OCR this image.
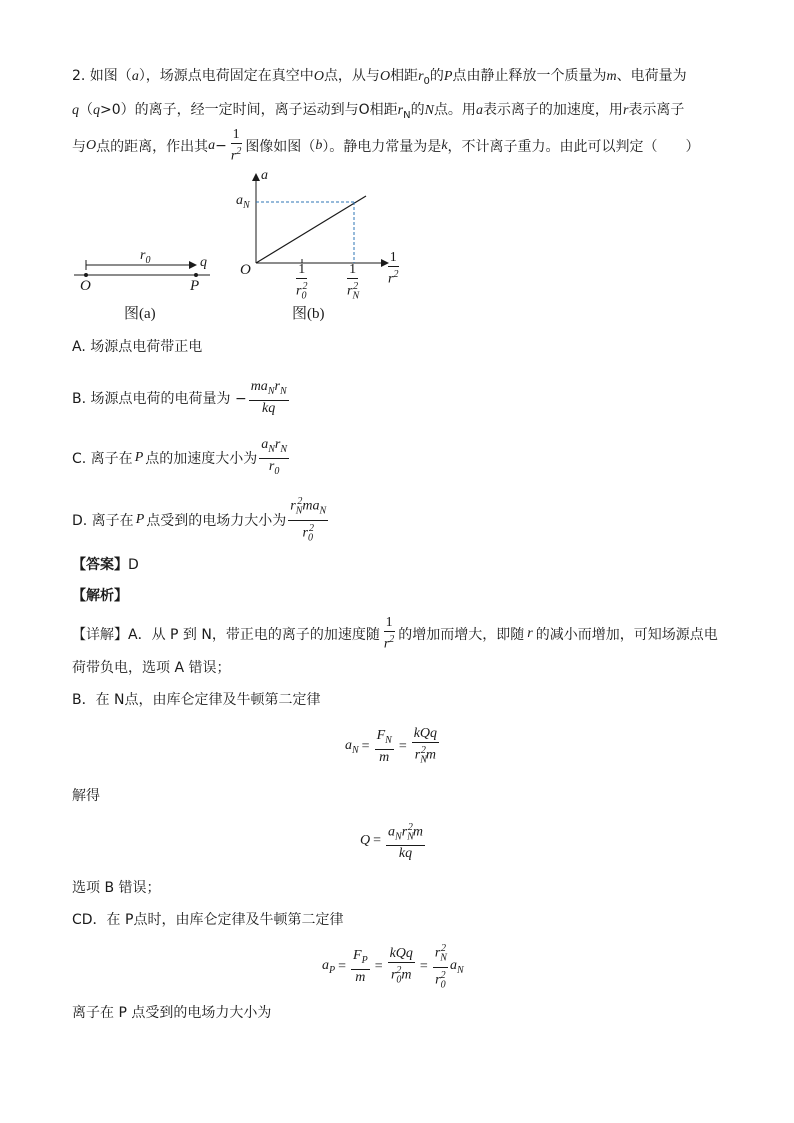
2. 如图（a），场源点电荷固定在真空中O点，从与O相距$r_0$的P点由静止释放一个质量为m、电荷量为
q（q>0）的离子，经一定时间，离子运动到与O相距$r_N$的N点。用a表示离子的加速度，用r表示离子
与 O 点的距离，作出其 $a - \frac{1}{r^2}$ 图像如图（ b ）。静电力常量为是 k ，不计离子重力。由此可以判定（　　）
$r_0$	q
O	P
图(a)
a
$a_N$
O	$\frac{1}{r_0^2}$	$\frac{1}{r_N^2} \frac{1}{r^2}$
图(b)
A. 场源点电荷带正电
B. 场源点电荷的电荷量为 − $\frac{ma_Nr_N}{kq}$
C. 离子在 P 点的加速度大小为 $\frac{a_Nr_N}{r_0}$
D. 离子在 P 点受到的电场力大小为 $\frac{r_N^2ma_N}{r_0^2}$
【答案】D
【解析】
【详解】A．从 P 到 N，带正电的离子的加速度随 $\frac{1}{r^2}$ 的增加而增大，即随 r 的减小而增加，可知场源点电
荷带负电，选项 A 错误；
B．在 N点，由库仑定律及牛顿第二定律
$a_N = \frac{F_N}{m} = \frac{\text{kQq}}{r_N^2m}$
解得
$Q = \frac{a_Nr_N^2m}{kq}$
选项 B 错误；
CD．在 P点时，由库仑定律及牛顿第二定律
$a_P = \frac{F_P}{m} = \frac{\text{kQq}}{r_0^2m} = \frac{r_N^2}{r_0^2} a_N$
离子在 P 点受到的电场力大小为
